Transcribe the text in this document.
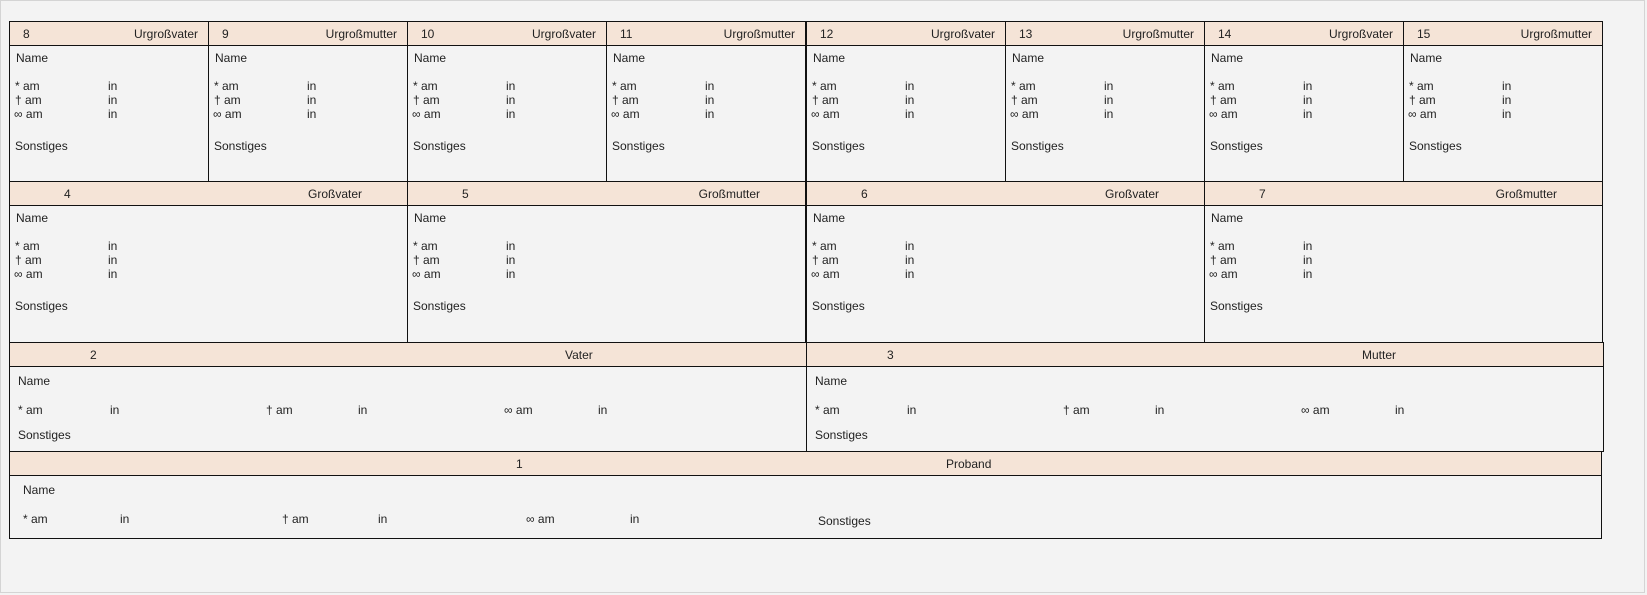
8	Urgroßvater
Name
* am	in
† am	in
∞ am	in
Sonstiges
9	Urgroßmutter
Name
* am	in
† am	in
∞ am	in
Sonstiges
10	Urgroßvater
Name
* am	in
† am	in
∞ am	in
Sonstiges
11	Urgroßmutter
Name
* am	in
† am	in
∞ am	in
Sonstiges
12	Urgroßvater
Name
* am	in
† am	in
∞ am	in
Sonstiges
13	Urgroßmutter
Name
* am	in
† am	in
∞ am	in
Sonstiges
14	Urgroßvater
Name
* am	in
† am	in
∞ am	in
Sonstiges
15	Urgroßmutter
Name
* am	in
† am	in
∞ am	in
Sonstiges
4	Großvater
Name
* am	in
† am	in
∞ am	in
Sonstiges
5	Großmutter
Name
* am	in
† am	in
∞ am	in
Sonstiges
6	Großvater
Name
* am	in
† am	in
∞ am	in
Sonstiges
7	Großmutter
Name
* am	in
† am	in
∞ am	in
Sonstiges
2	Vater
Name
* am	in	† am	in	∞ am	in
Sonstiges
3	Mutter
Name
* am	in	† am	in	∞ am	in
Sonstiges
1	Proband
Name
* am	in	† am	in	∞ am	in	Sonstiges
